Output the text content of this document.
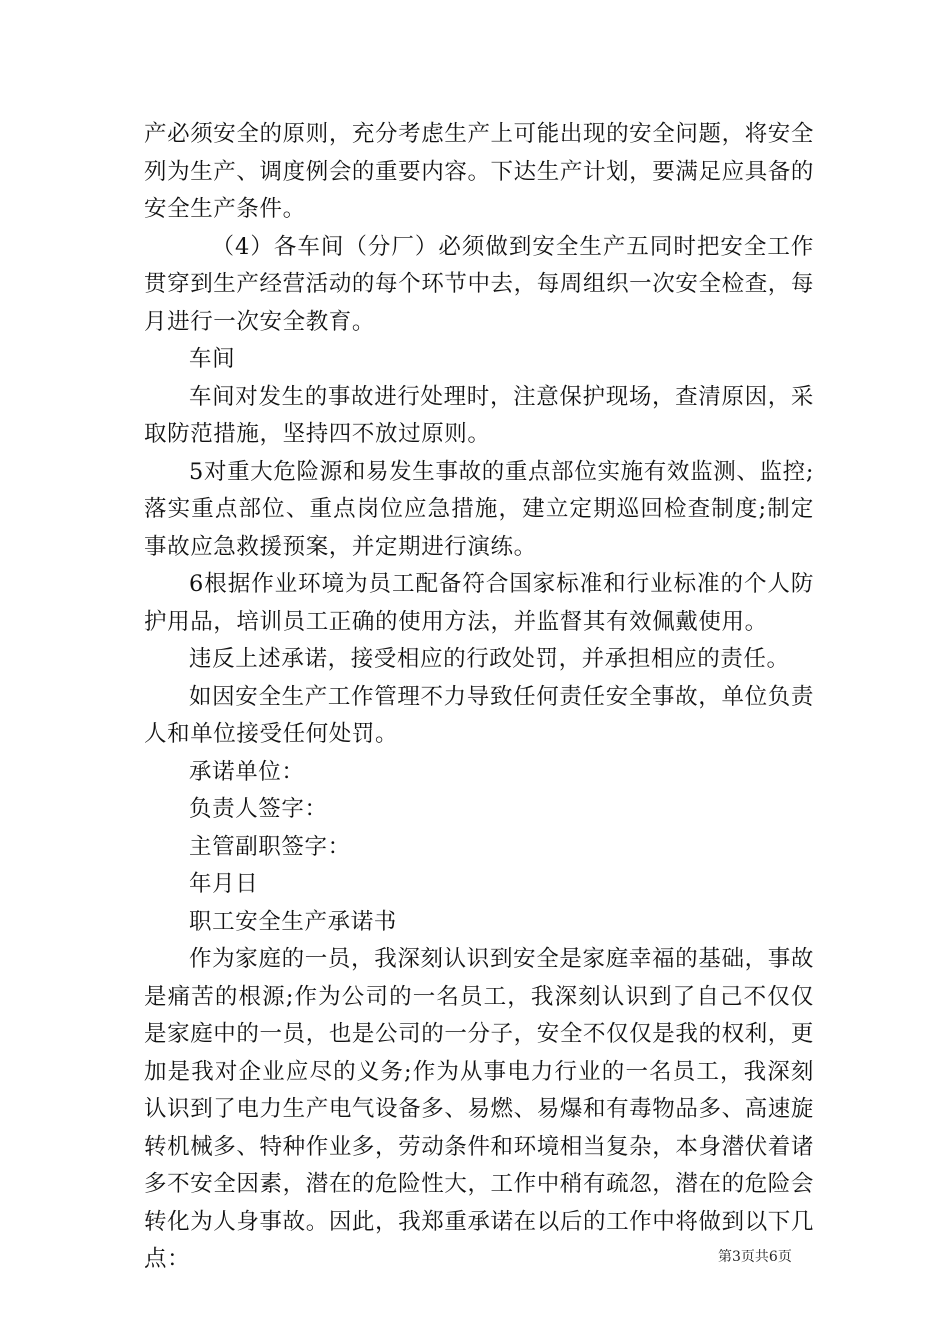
产必须安全的原则，充分考虑生产上可能出现的安全问题，将安全列为生产、调度例会的重要内容。下达生产计划，要满足应具备的安全生产条件。

（4）各车间（分厂）必须做到安全生产五同时把安全工作贯穿到生产经营活动的每个环节中去，每周组织一次安全检查，每月进行一次安全教育。

车间

车间对发生的事故进行处理时，注意保护现场，查清原因，采取防范措施，坚持四不放过原则。

5对重大危险源和易发生事故的重点部位实施有效监测、监控;落实重点部位、重点岗位应急措施，建立定期巡回检查制度;制定事故应急救援预案，并定期进行演练。

6根据作业环境为员工配备符合国家标准和行业标准的个人防护用品，培训员工正确的使用方法，并监督其有效佩戴使用。

违反上述承诺，接受相应的行政处罚，并承担相应的责任。

如因安全生产工作管理不力导致任何责任安全事故，单位负责人和单位接受任何处罚。

承诺单位：

负责人签字：

主管副职签字：

年月日

职工安全生产承诺书

作为家庭的一员，我深刻认识到安全是家庭幸福的基础，事故是痛苦的根源;作为公司的一名员工，我深刻认识到了自己不仅仅是家庭中的一员，也是公司的一分子，安全不仅仅是我的权利，更加是我对企业应尽的义务;作为从事电力行业的一名员工，我深刻认识到了电力生产电气设备多、易燃、易爆和有毒物品多、高速旋转机械多、特种作业多，劳动条件和环境相当复杂，本身潜伏着诸多不安全因素，潜在的危险性大，工作中稍有疏忽，潜在的危险会转化为人身事故。因此，我郑重承诺在以后的工作中将做到以下几点：	第3页共6页
